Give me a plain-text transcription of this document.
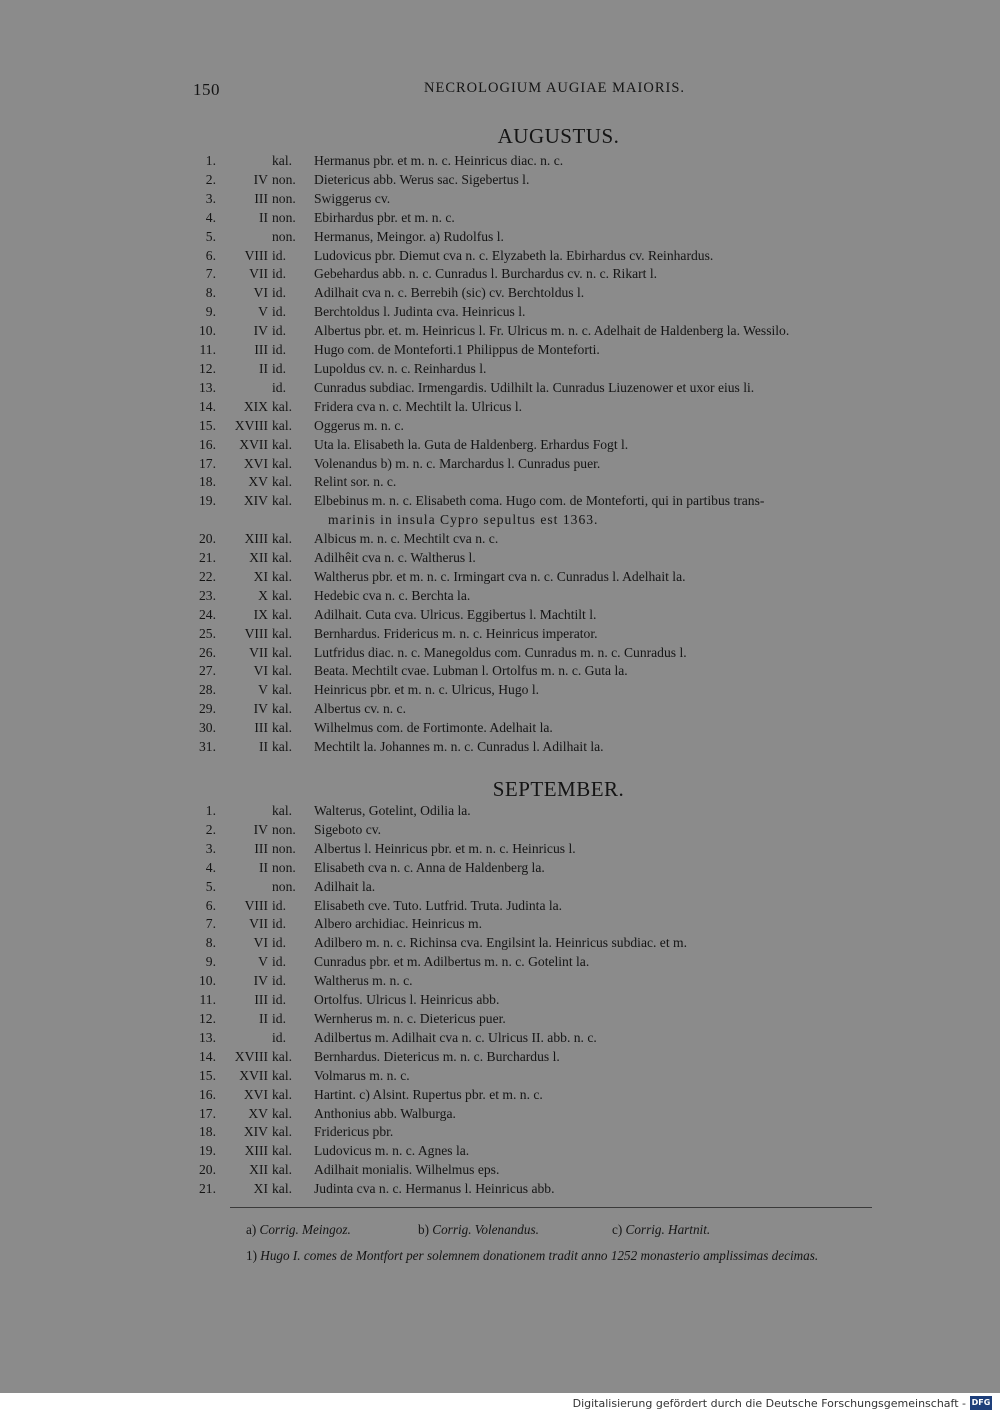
150	NECROLOGIUM AUGIAE MAIORIS.
AUGUSTUS.
1.	kal.	Hermanus pbr. et m. n. c. Heinricus diac. n. c.
2.	IV non.	Dietericus abb. Werus sac. Sigebertus l.
3.	III non.	Swiggerus cv.
4.	II non.	Ebirhardus pbr. et m. n. c.
5.	non.	Hermanus, Meingor. a) Rudolfus l.
6.	VIII id.	Ludovicus pbr. Diemut cva n. c. Elyzabeth la. Ebirhardus cv. Reinhardus.
7.	VII id.	Gebehardus abb. n. c. Cunradus l. Burchardus cv. n. c. Rikart l.
8.	VI id.	Adilhait cva n. c. Berrebih (sic) cv. Berchtoldus l.
9.	V id.	Berchtoldus l. Judinta cva. Heinricus l.
10.	IV id.	Albertus pbr. et. m. Heinricus l. Fr. Ulricus m. n. c. Adelhait de Haldenberg la. Wessilo.
11.	III id.	Hugo com. de Monteforti.1 Philippus de Monteforti.
12.	II id.	Lupoldus cv. n. c. Reinhardus l.
13.	id.	Cunradus subdiac. Irmengardis. Udilhilt la. Cunradus Liuzenower et uxor eius li.
14.	XIX kal.	Fridera cva n. c. Mechtilt la. Ulricus l.
15.	XVIII kal.	Oggerus m. n. c.
16.	XVII kal.	Uta la. Elisabeth la. Guta de Haldenberg. Erhardus Fogt l.
17.	XVI kal.	Volenandus b) m. n. c. Marchardus l. Cunradus puer.
18.	XV kal.	Relint sor. n. c.
19.	XIV kal.	Elbebinus m. n. c. Elisabeth coma. Hugo com. de Monteforti, qui in partibus trans-
marinis in insula Cypro sepultus est 1363.
20.	XIII kal.	Albicus m. n. c. Mechtilt cva n. c.
21.	XII kal.	Adilhêit cva n. c. Waltherus l.
22.	XI kal.	Waltherus pbr. et m. n. c. Irmingart cva n. c. Cunradus l. Adelhait la.
23.	X kal.	Hedebic cva n. c. Berchta la.
24.	IX kal.	Adilhait. Cuta cva. Ulricus. Eggibertus l. Machtilt l.
25.	VIII kal.	Bernhardus. Fridericus m. n. c. Heinricus imperator.
26.	VII kal.	Lutfridus diac. n. c. Manegoldus com. Cunradus m. n. c. Cunradus l.
27.	VI kal.	Beata. Mechtilt cvae. Lubman l. Ortolfus m. n. c. Guta la.
28.	V kal.	Heinricus pbr. et m. n. c. Ulricus, Hugo l.
29.	IV kal.	Albertus cv. n. c.
30.	III kal.	Wilhelmus com. de Fortimonte. Adelhait la.
31.	II kal.	Mechtilt la. Johannes m. n. c. Cunradus l. Adilhait la.
SEPTEMBER.
1.	kal.	Walterus, Gotelint, Odilia la.
2.	IV non.	Sigeboto cv.
3.	III non.	Albertus l. Heinricus pbr. et m. n. c. Heinricus l.
4.	II non.	Elisabeth cva n. c. Anna de Haldenberg la.
5.	non.	Adilhait la.
6.	VIII id.	Elisabeth cve. Tuto. Lutfrid. Truta. Judinta la.
7.	VII id.	Albero archidiac. Heinricus m.
8.	VI id.	Adilbero m. n. c. Richinsa cva. Engilsint la. Heinricus subdiac. et m.
9.	V id.	Cunradus pbr. et m. Adilbertus m. n. c. Gotelint la.
10.	IV id.	Waltherus m. n. c.
11.	III id.	Ortolfus. Ulricus l. Heinricus abb.
12.	II id.	Wernherus m. n. c. Dietericus puer.
13.	id.	Adilbertus m. Adilhait cva n. c. Ulricus II. abb. n. c.
14.	XVIII kal.	Bernhardus. Dietericus m. n. c. Burchardus l.
15.	XVII kal.	Volmarus m. n. c.
16.	XVI kal.	Hartint. c) Alsint. Rupertus pbr. et m. n. c.
17.	XV kal.	Anthonius abb. Walburga.
18.	XIV kal.	Fridericus pbr.
19.	XIII kal.	Ludovicus m. n. c. Agnes la.
20.	XII kal.	Adilhait monialis. Wilhelmus eps.
21.	XI kal.	Judinta cva n. c. Hermanus l. Heinricus abb.
a) Corrig. Meingoz.	b) Corrig. Volenandus.	c) Corrig. Hartnit.
1) Hugo I. comes de Montfort per solemnem donationem tradit anno 1252 monasterio amplissimas decimas.
Digitalisierung gefördert durch die Deutsche Forschungsgemeinschaft - DFG
